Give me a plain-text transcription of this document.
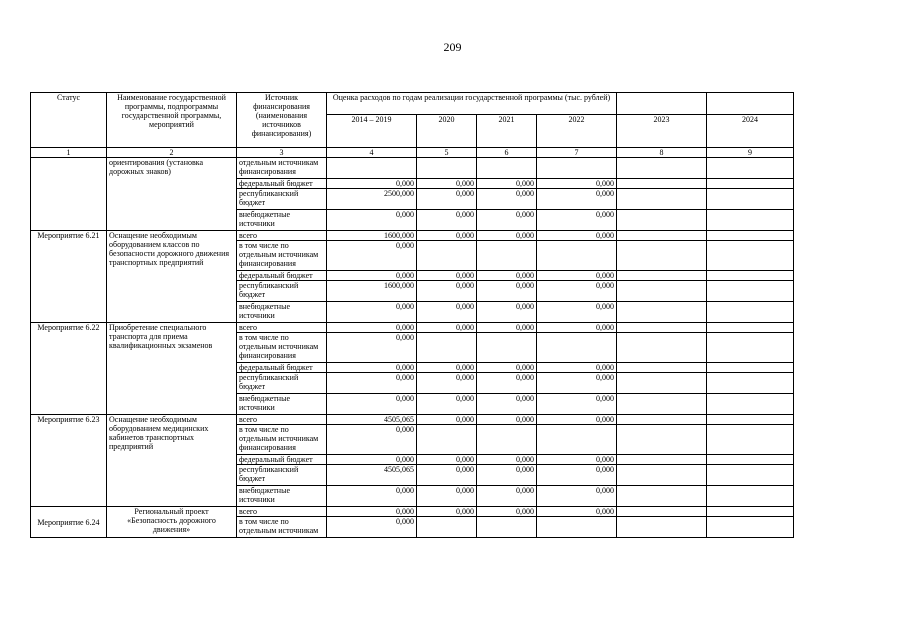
209
Статус	Наименование государственной программы, подпрограммы государственной программы, мероприятий	Источник финансирования (наименования источников финансирования)	Оценка расходов по годам реализации государственной программы (тыс. рублей)					
			2014 – 2019	2020	2021	2022	2023	2024
1	2	3	4	5	6	7	8	9
	ориентирования (установка дорожных знаков)	отдельным источникам финансирования						
		федеральный бюджет	0,000	0,000	0,000	0,000		
		республиканский бюджет	2500,000	0,000	0,000	0,000		
		внебюджетные источники	0,000	0,000	0,000	0,000		
Мероприятие 6.21	Оснащение необходимым оборудованием классов по безопасности дорожного движения транспортных предприятий	всего	1600,000	0,000	0,000	0,000		
		в том числе по отдельным источникам финансирования	0,000					
		федеральный бюджет	0,000	0,000	0,000	0,000		
		республиканский бюджет	1600,000	0,000	0,000	0,000		
		внебюджетные источники	0,000	0,000	0,000	0,000		
Мероприятие 6.22	Приобретение специального транспорта для приема квалификационных экзаменов	всего	0,000	0,000	0,000	0,000		
		в том числе по отдельным источникам финансирования	0,000					
		федеральный бюджет	0,000	0,000	0,000	0,000		
		республиканский бюджет	0,000	0,000	0,000	0,000		
		внебюджетные источники	0,000	0,000	0,000	0,000		
Мероприятие 6.23	Оснащение необходимым оборудованием медицинских кабинетов транспортных предприятий	всего	4505,065	0,000	0,000	0,000		
		в том числе по отдельным источникам финансирования	0,000					
		федеральный бюджет	0,000	0,000	0,000	0,000		
		республиканский бюджет	4505,065	0,000	0,000	0,000		
		внебюджетные источники	0,000	0,000	0,000	0,000		
Мероприятие 6.24	Региональный проект «Безопасность дорожного движения»	всего	0,000	0,000	0,000	0,000		
		в том числе по отдельным источникам	0,000					
